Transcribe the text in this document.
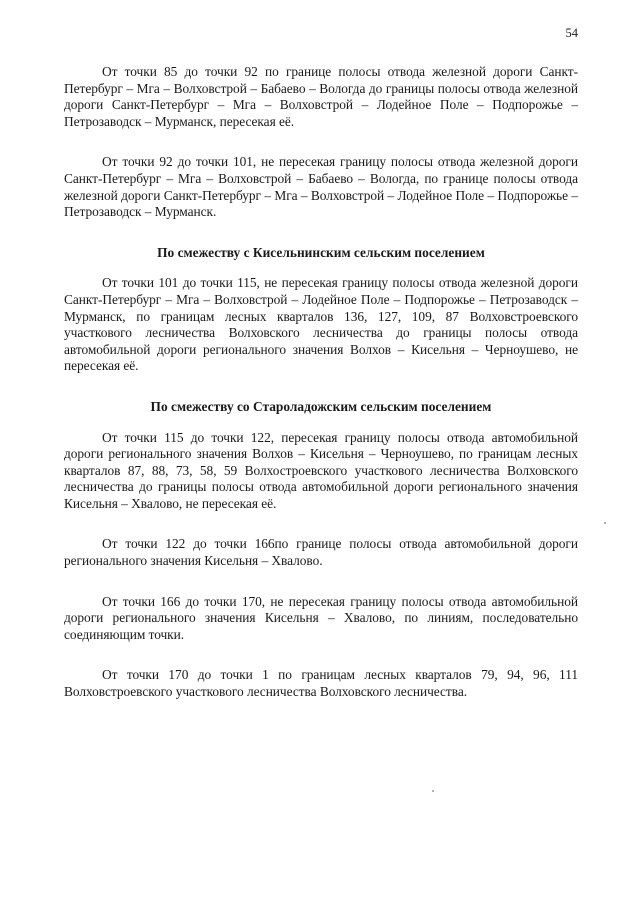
54

От точки 85 до точки 92 по границе полосы отвода железной дороги Санкт-Петербург – Мга – Волховстрой – Бабаево – Вологда до границы полосы отвода железной дороги Санкт-Петербург – Мга – Волховстрой – Лодейное Поле – Подпорожье – Петрозаводск – Мурманск, пересекая её.

От точки 92 до точки 101, не пересекая границу полосы отвода железной дороги Санкт-Петербург – Мга – Волховстрой – Бабаево – Вологда, по границе полосы отвода железной дороги Санкт-Петербург – Мга – Волховстрой – Лодейное Поле – Подпорожье – Петрозаводск – Мурманск.

По смежеству с Кисельнинским сельским поселением

От точки 101 до точки 115, не пересекая границу полосы отвода железной дороги Санкт-Петербург – Мга – Волховстрой – Лодейное Поле – Подпорожье – Петрозаводск – Мурманск, по границам лесных кварталов 136, 127, 109, 87 Волховстроевского участкового лесничества Волховского лесничества до границы полосы отвода автомобильной дороги регионального значения Волхов – Кисельня – Черноушево, не пересекая её.

По смежеству со Староладожским сельским поселением

От точки 115 до точки 122, пересекая границу полосы отвода автомобильной дороги регионального значения Волхов – Кисельня – Черноушево, по границам лесных кварталов 87, 88, 73, 58, 59 Волхостроевского участкового лесничества Волховского лесничества до границы полосы отвода автомобильной дороги регионального значения Кисельня – Хвалово, не пересекая её.

От точки 122 до точки 166по границе полосы отвода автомобильной дороги регионального значения Кисельня – Хвалово.

От точки 166 до точки 170, не пересекая границу полосы отвода автомобильной дороги регионального значения Кисельня – Хвалово, по линиям, последовательно соединяющим точки.

От точки 170 до точки 1 по границам лесных кварталов 79, 94, 96, 111 Волховстроевского участкового лесничества Волховского лесничества.
